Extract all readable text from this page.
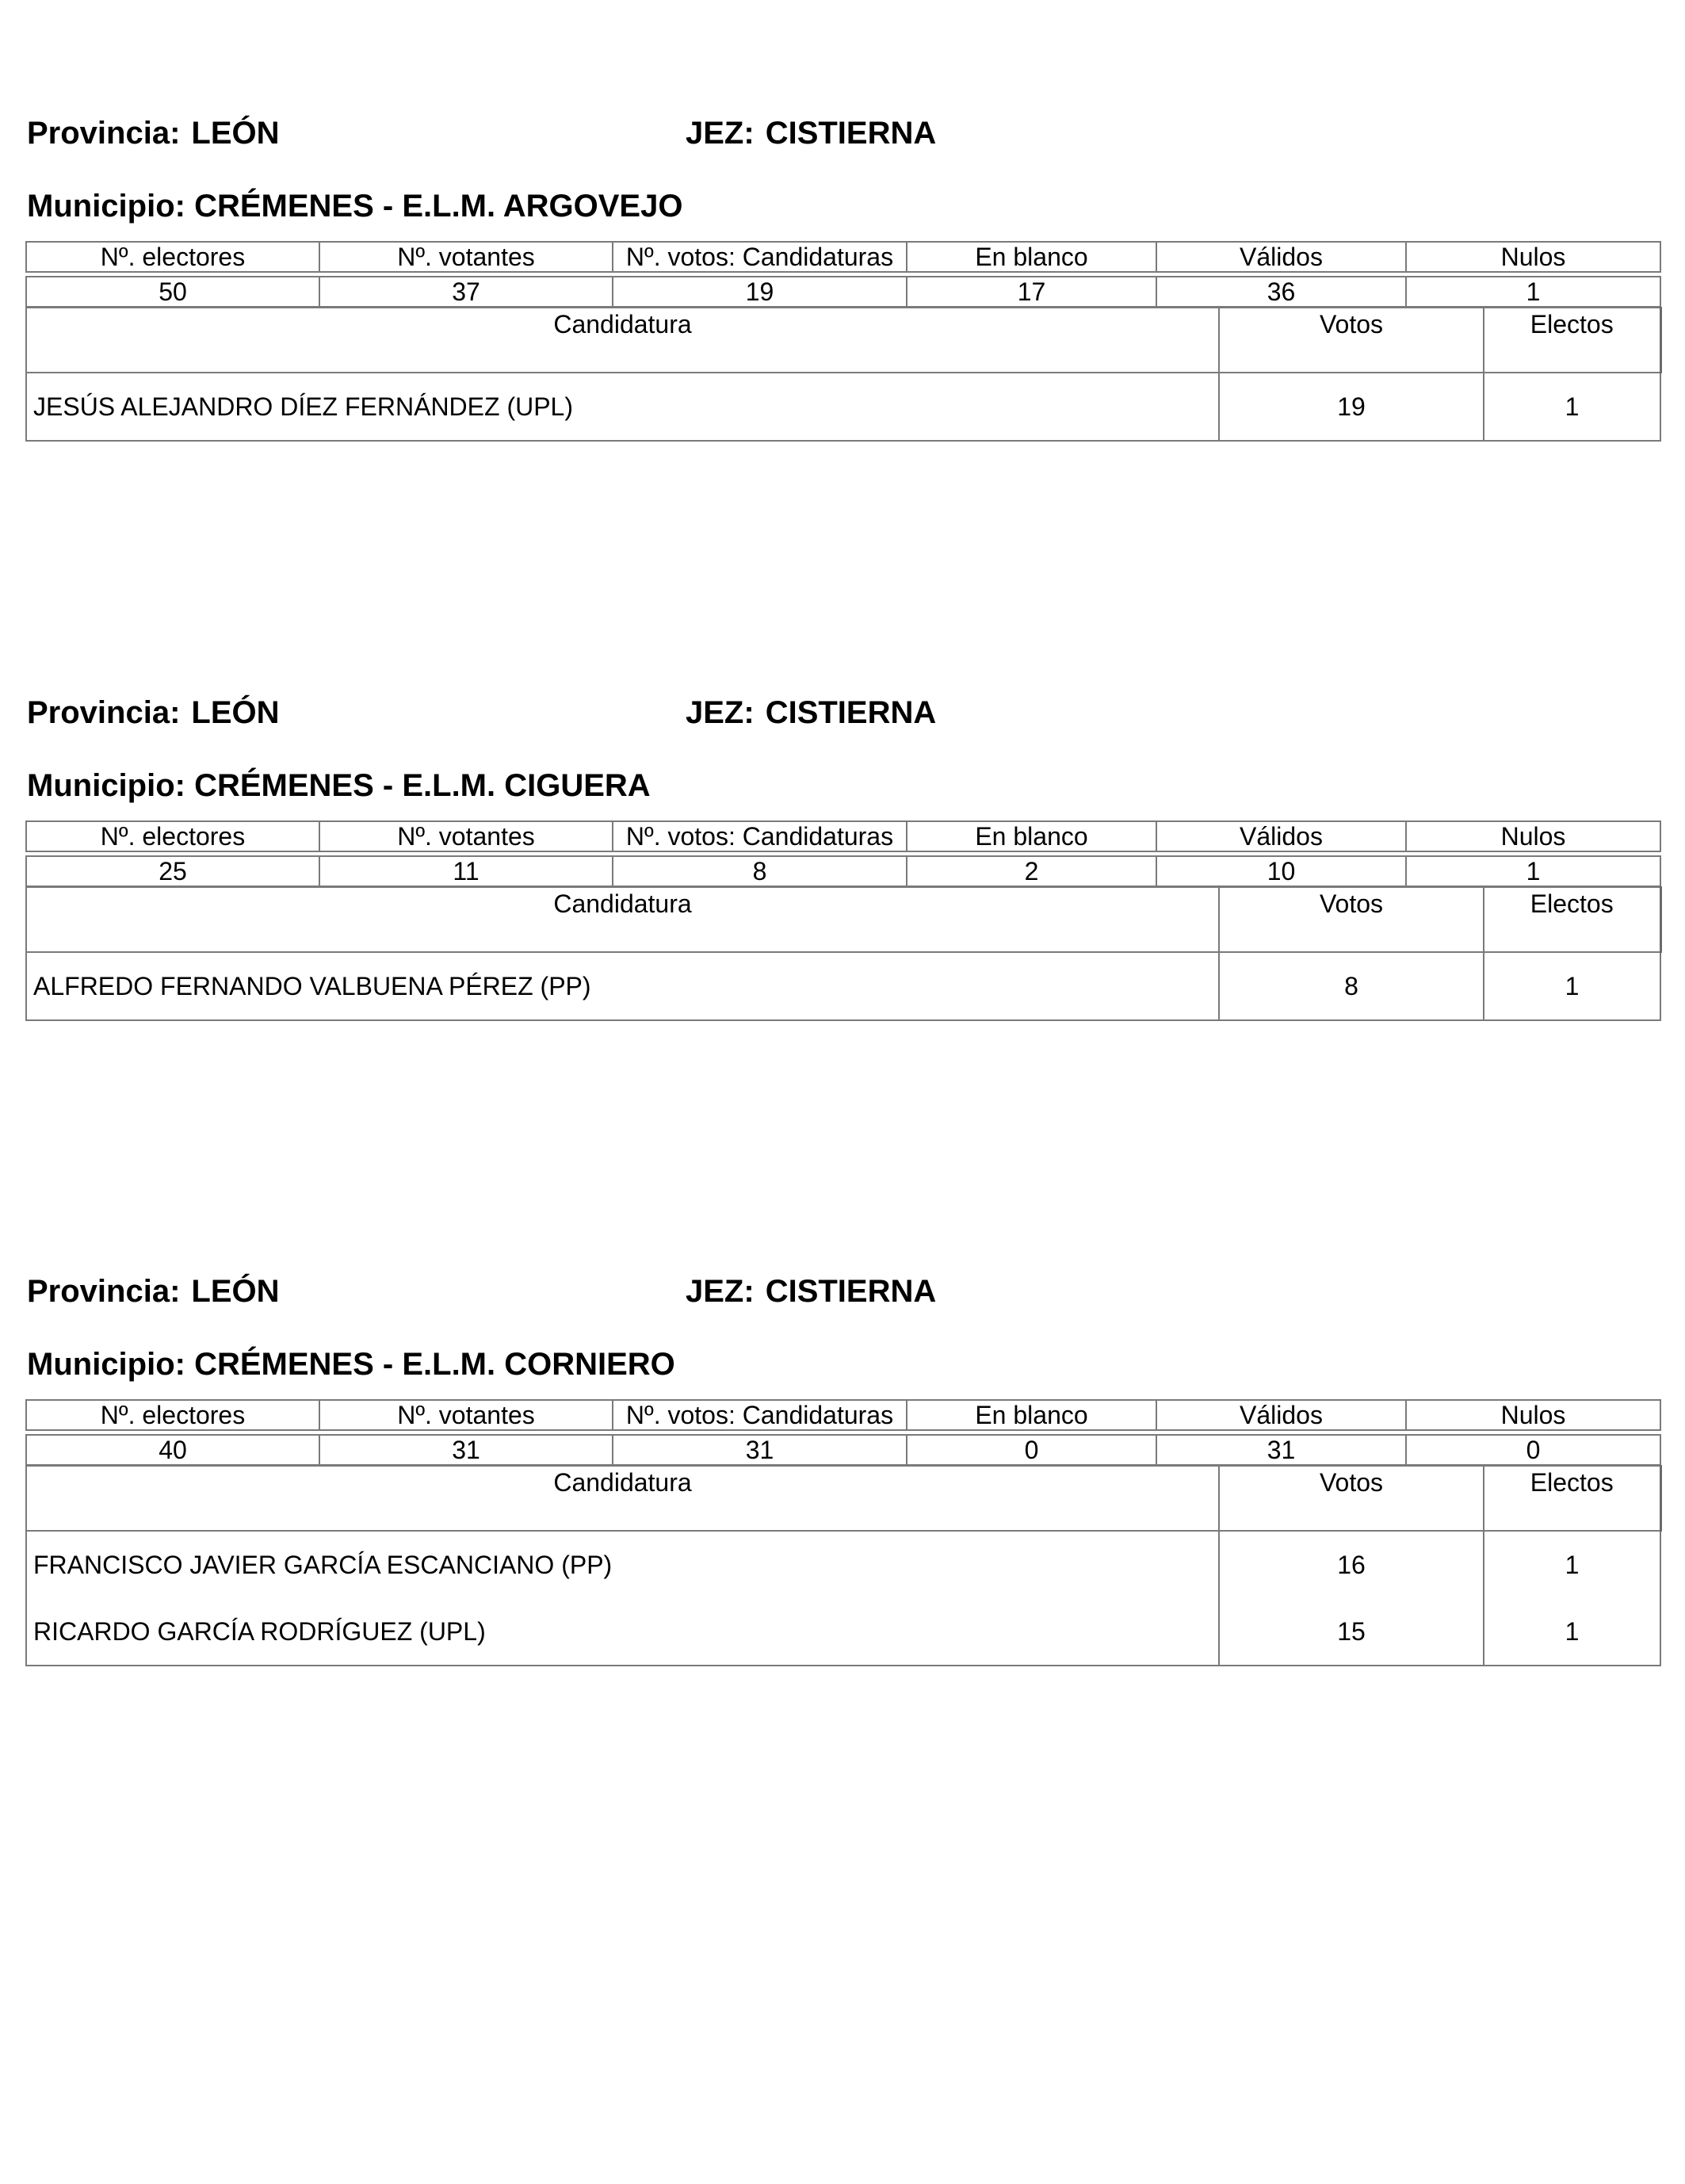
Provincia: LEÓN	JEZ: CISTIERNA
Municipio: CRÉMENES - E.L.M. ARGOVEJO
Nº. electores	Nº. votantes	Nº. votos: Candidaturas	En blanco	Válidos	Nulos

50	37	19	17	36	1
Candidatura	Votos	Electos
JESÚS ALEJANDRO DÍEZ FERNÁNDEZ (UPL)	19	1
Provincia: LEÓN	JEZ: CISTIERNA
Municipio: CRÉMENES - E.L.M. CIGUERA
Nº. electores	Nº. votantes	Nº. votos: Candidaturas	En blanco	Válidos	Nulos

25	11	8	2	10	1
Candidatura	Votos	Electos
ALFREDO FERNANDO VALBUENA PÉREZ (PP)	8	1
Provincia: LEÓN	JEZ: CISTIERNA
Municipio: CRÉMENES - E.L.M. CORNIERO
Nº. electores	Nº. votantes	Nº. votos: Candidaturas	En blanco	Válidos	Nulos

40	31	31	0	31	0
Candidatura	Votos	Electos
FRANCISCO JAVIER GARCÍA ESCANCIANO (PP)	16	1
RICARDO GARCÍA RODRÍGUEZ (UPL)	15	1
